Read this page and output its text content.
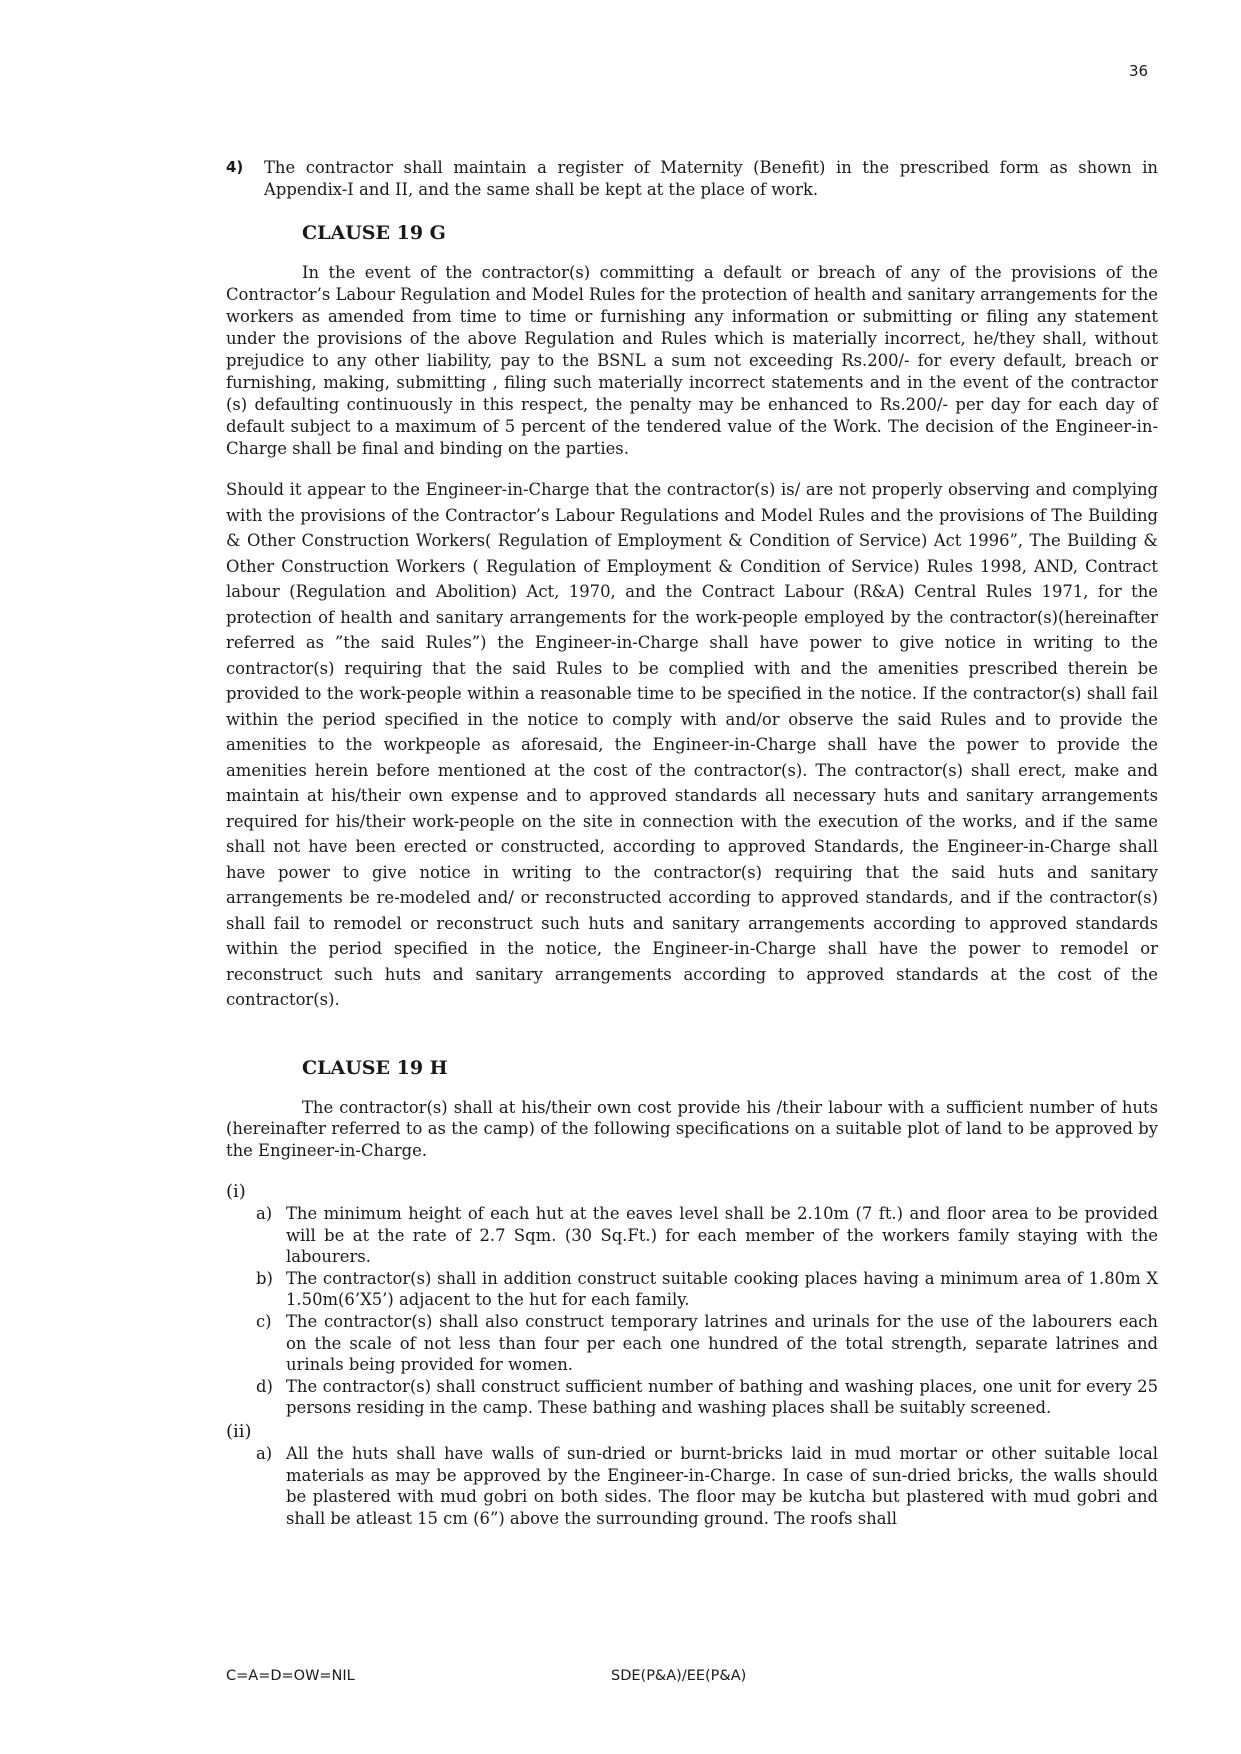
36

4) The contractor shall maintain a register of Maternity (Benefit) in the prescribed form as shown in Appendix-I and II, and the same shall be kept at the place of work.

CLAUSE 19 G

In the event of the contractor(s) committing a default or breach of any of the provisions of the Contractor’s Labour Regulation and Model Rules for the protection of health and sanitary arrangements for the workers as amended from time to time or furnishing any information or submitting or filing any statement under the provisions of the above Regulation and Rules which is materially incorrect, he/they shall, without prejudice to any other liability, pay to the BSNL a sum not exceeding Rs.200/- for every default, breach or furnishing, making, submitting , filing such materially incorrect statements and in the event of the contractor (s) defaulting continuously in this respect, the penalty may be enhanced to Rs.200/- per day for each day of default subject to a maximum of 5 percent of the tendered value of the Work. The decision of the Engineer-in-Charge shall be final and binding on the parties.

Should it appear to the Engineer-in-Charge that the contractor(s) is/ are not properly observing and complying with the provisions of the Contractor’s Labour Regulations and Model Rules and the provisions of The Building & Other Construction Workers( Regulation of Employment & Condition of Service) Act 1996”, The Building & Other Construction Workers ( Regulation of Employment & Condition of Service) Rules 1998, AND, Contract labour (Regulation and Abolition) Act, 1970, and the Contract Labour (R&A) Central Rules 1971, for the protection of health and sanitary arrangements for the work-people employed by the contractor(s)(hereinafter referred as ”the said Rules”) the Engineer-in-Charge shall have power to give notice in writing to the contractor(s) requiring that the said Rules to be complied with and the amenities prescribed therein be provided to the work-people within a reasonable time to be specified in the notice. If the contractor(s) shall fail within the period specified in the notice to comply with and/or observe the said Rules and to provide the amenities to the workpeople as aforesaid, the Engineer-in-Charge shall have the power to provide the amenities herein before mentioned at the cost of the contractor(s). The contractor(s) shall erect, make and maintain at his/their own expense and to approved standards all necessary huts and sanitary arrangements required for his/their work-people on the site in connection with the execution of the works, and if the same shall not have been erected or constructed, according to approved Standards, the Engineer-in-Charge shall have power to give notice in writing to the contractor(s) requiring that the said huts and sanitary arrangements be re-modeled and/ or reconstructed according to approved standards, and if the contractor(s) shall fail to remodel or reconstruct such huts and sanitary arrangements according to approved standards within the period specified in the notice, the Engineer-in-Charge shall have the power to remodel or reconstruct such huts and sanitary arrangements according to approved standards at the cost of the contractor(s).

CLAUSE 19 H

The contractor(s) shall at his/their own cost provide his /their labour with a sufficient number of huts (hereinafter referred to as the camp) of the following specifications on a suitable plot of land to be approved by the Engineer-in-Charge.

(i)

a) The minimum height of each hut at the eaves level shall be 2.10m (7 ft.) and floor area to be provided will be at the rate of 2.7 Sqm. (30 Sq.Ft.) for each member of the workers family staying with the labourers.

b) The contractor(s) shall in addition construct suitable cooking places having a minimum area of 1.80m X 1.50m(6’X5’) adjacent to the hut for each family.

c) The contractor(s) shall also construct temporary latrines and urinals for the use of the labourers each on the scale of not less than four per each one hundred of the total strength, separate latrines and urinals being provided for women.

d) The contractor(s) shall construct sufficient number of bathing and washing places, one unit for every 25 persons residing in the camp. These bathing and washing places shall be suitably screened.

(ii)

a) All the huts shall have walls of sun-dried or burnt-bricks laid in mud mortar or other suitable local materials as may be approved by the Engineer-in-Charge. In case of sun-dried bricks, the walls should be plastered with mud gobri on both sides. The floor may be kutcha but plastered with mud gobri and shall be atleast 15 cm (6”) above the surrounding ground. The roofs shall

C=A=D=OW=NIL	SDE(P&A)/EE(P&A)
